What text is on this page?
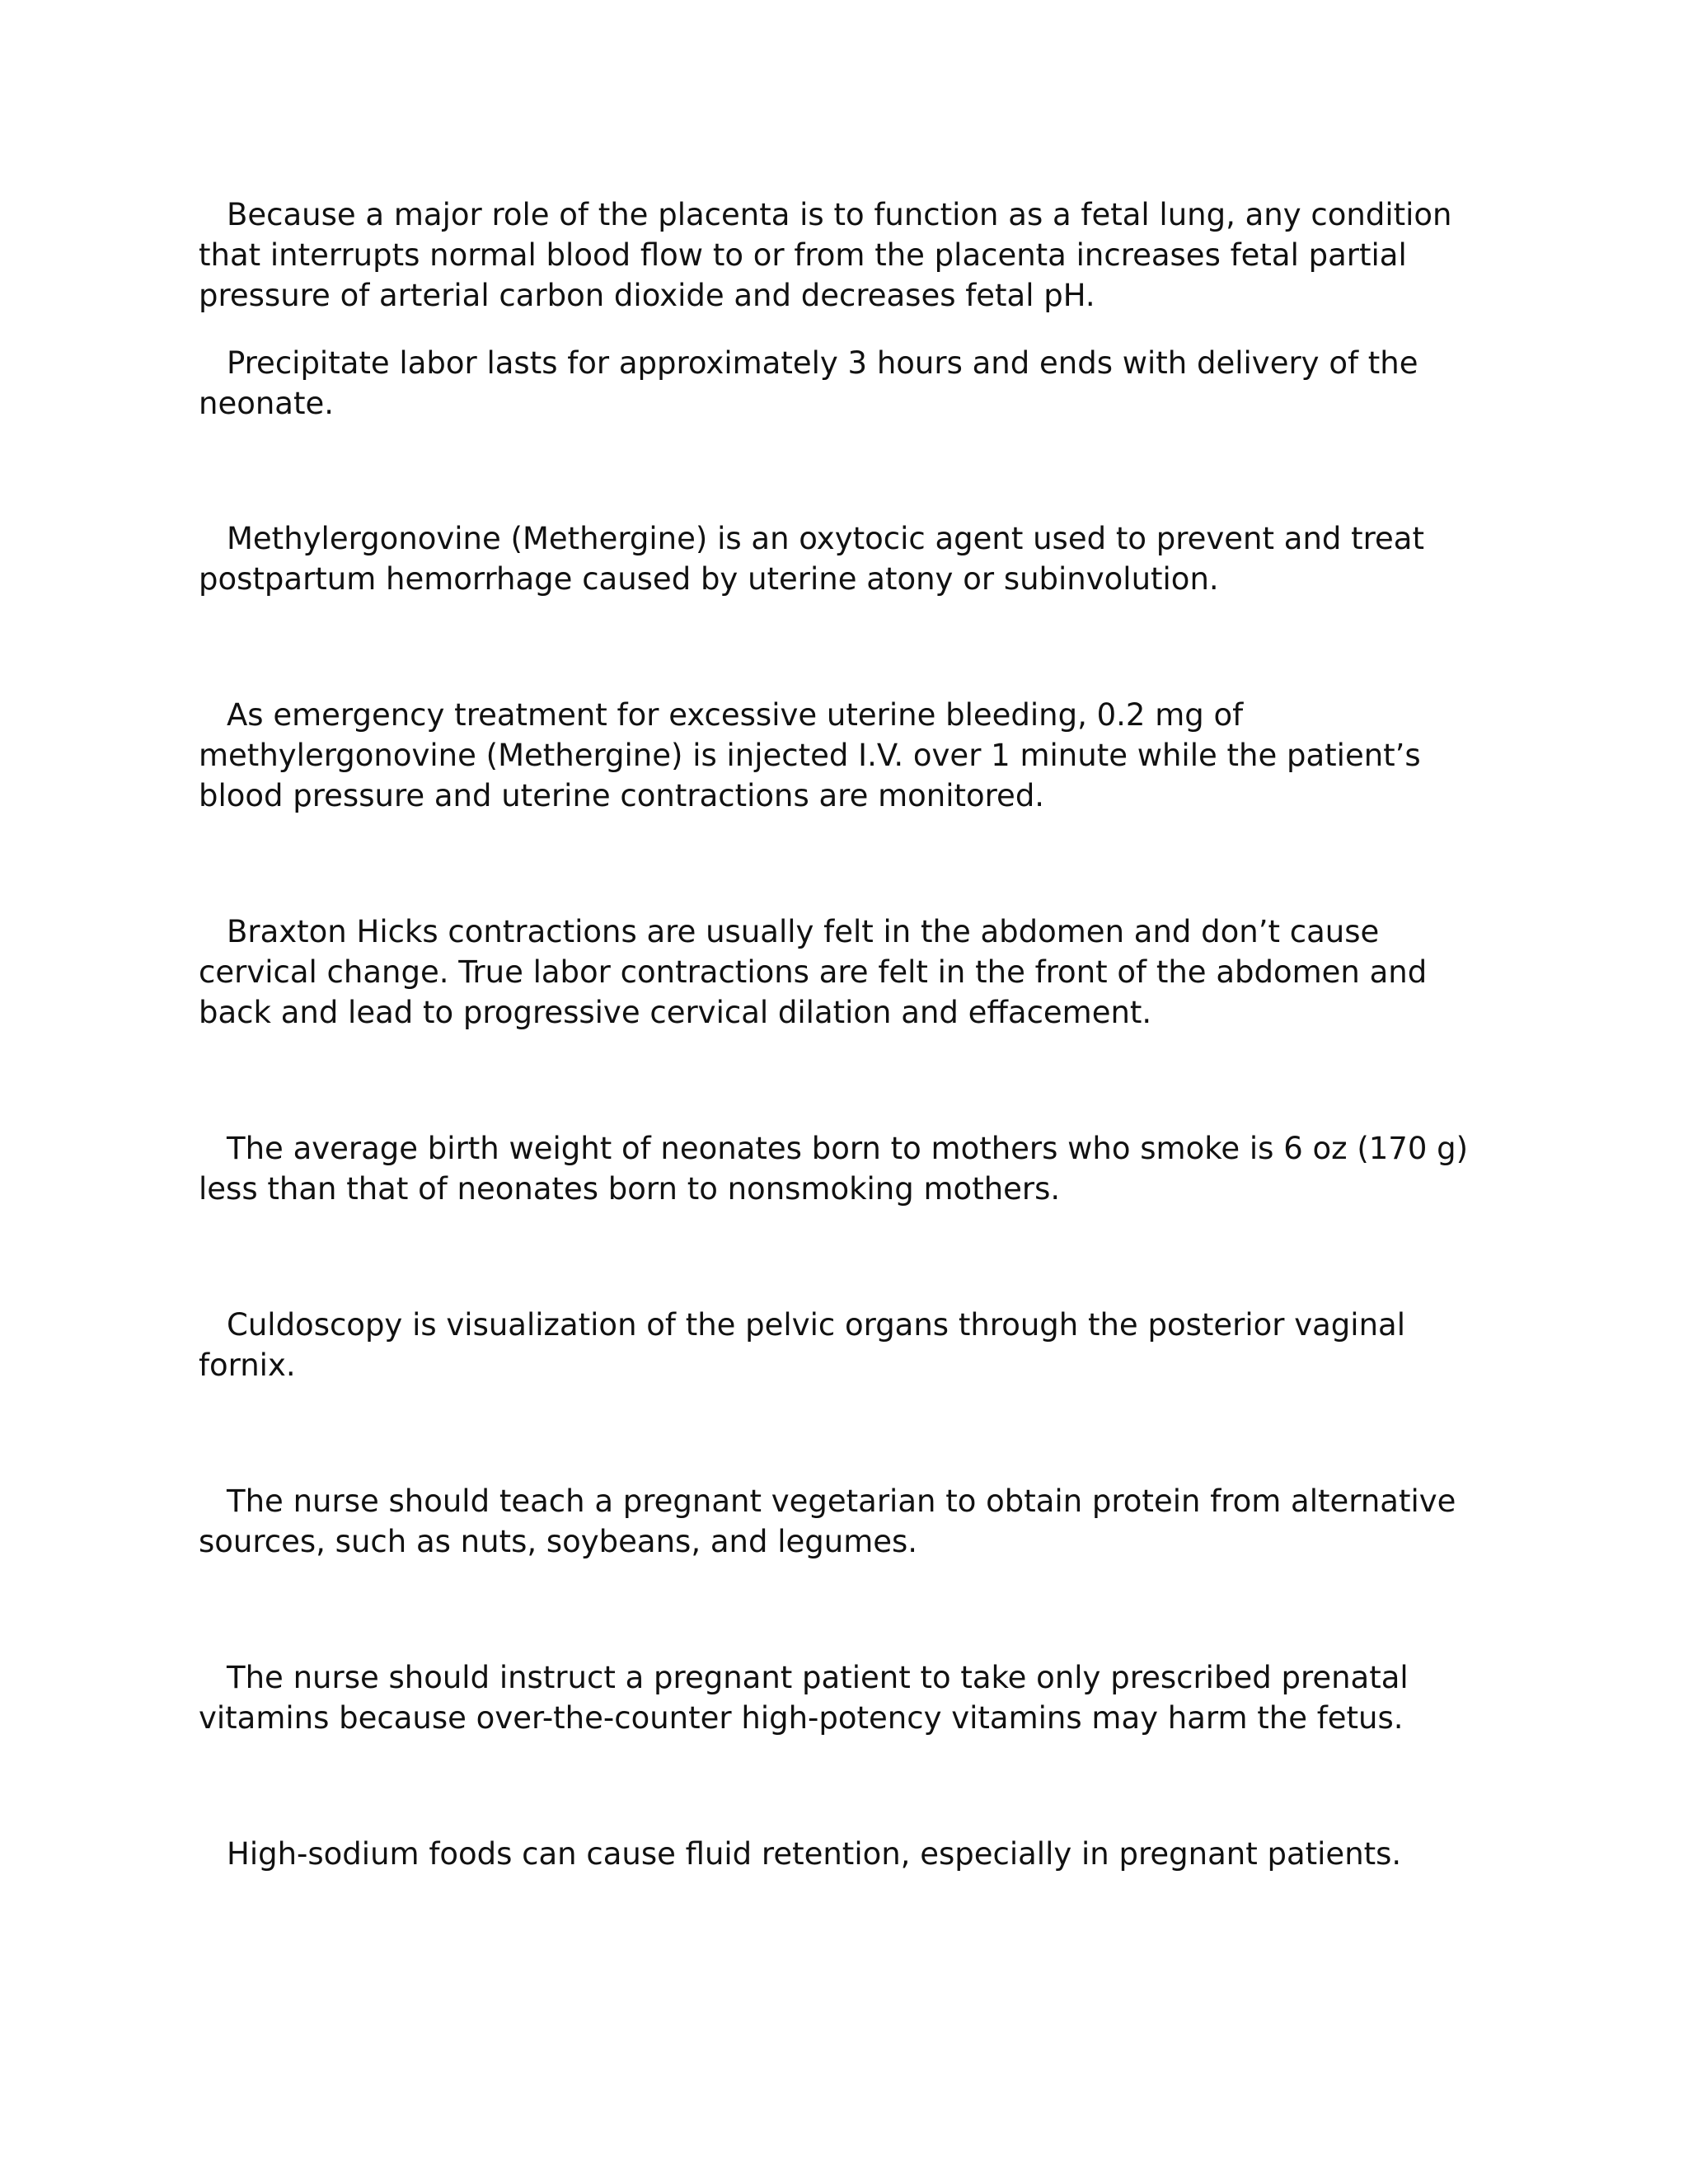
Because a major role of the placenta is to function as a fetal lung, any condition that interrupts normal blood flow to or from the placenta increases fetal partial pressure of arterial carbon dioxide and decreases fetal pH.

Precipitate labor lasts for approximately 3 hours and ends with delivery of the neonate.

Methylergonovine (Methergine) is an oxytocic agent used to prevent and treat postpartum hemorrhage caused by uterine atony or subinvolution.

As emergency treatment for excessive uterine bleeding, 0.2 mg of methylergonovine (Methergine) is injected I.V. over 1 minute while the patient’s blood pressure and uterine contractions are monitored.

Braxton Hicks contractions are usually felt in the abdomen and don’t cause cervical change. True labor contractions are felt in the front of the abdomen and back and lead to progressive cervical dilation and effacement.

The average birth weight of neonates born to mothers who smoke is 6 oz (170 g) less than that of neonates born to nonsmoking mothers.

Culdoscopy is visualization of the pelvic organs through the posterior vaginal fornix.

The nurse should teach a pregnant vegetarian to obtain protein from alternative sources, such as nuts, soybeans, and legumes.

The nurse should instruct a pregnant patient to take only prescribed prenatal vitamins because over-the-counter high-potency vitamins may harm the fetus.

High-sodium foods can cause fluid retention, especially in pregnant patients.
